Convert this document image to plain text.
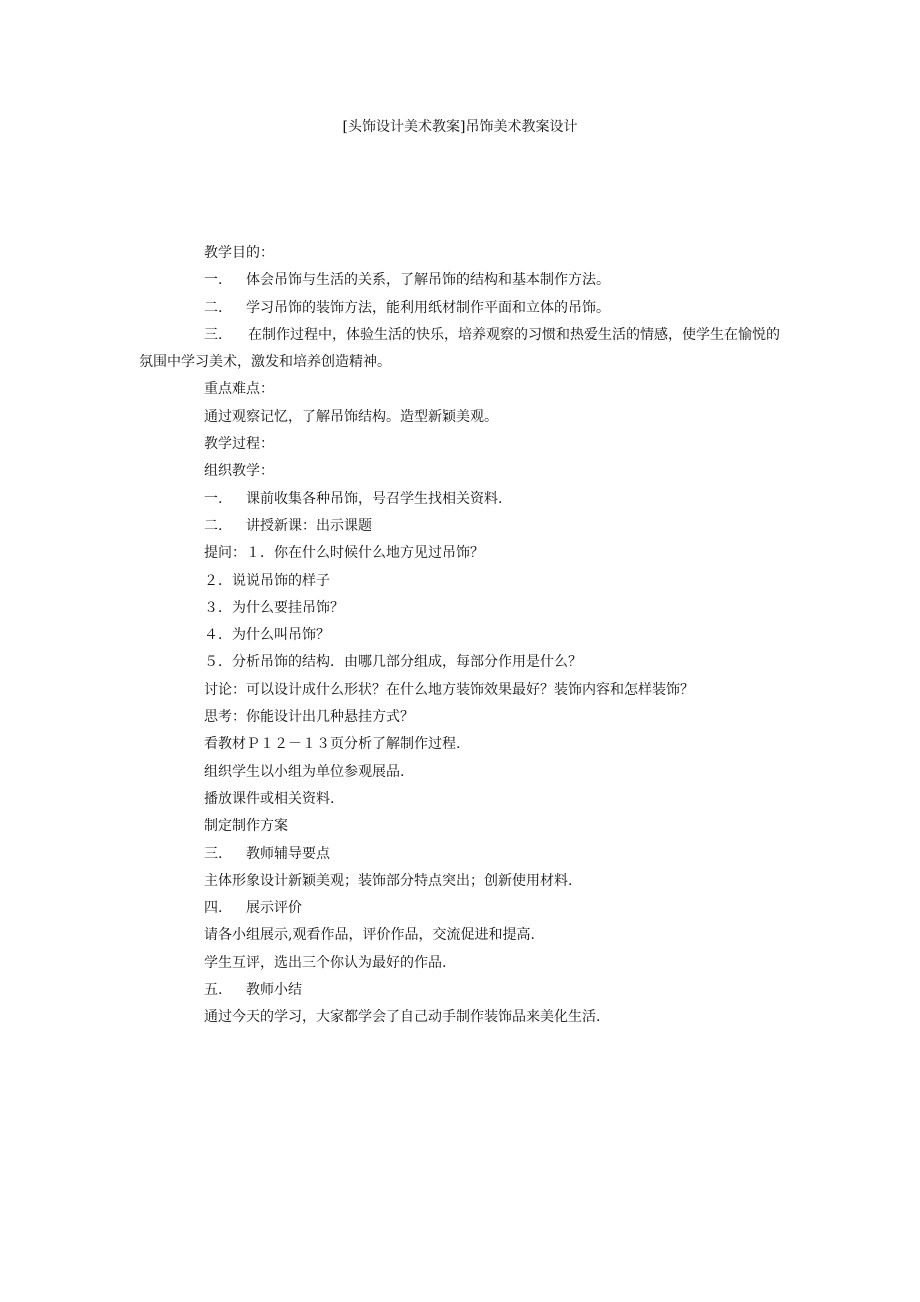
[头饰设计美术教案]吊饰美术教案设计
教学目的：
一. 体会吊饰与生活的关系，了解吊饰的结构和基本制作方法。
二. 学习吊饰的装饰方法，能利用纸材制作平面和立体的吊饰。
三. 在制作过程中，体验生活的快乐，培养观察的习惯和热爱生活的情感，使学生在愉悦的氛围中学习美术，激发和培养创造精神。
重点难点：
通过观察记忆，了解吊饰结构。造型新颖美观。
教学过程：
组织教学：
一. 课前收集各种吊饰，号召学生找相关资料.
二. 讲授新课：出示课题
提问：１．你在什么时候什么地方见过吊饰？
２．说说吊饰的样子
３．为什么要挂吊饰？
４．为什么叫吊饰？
５．分析吊饰的结构．由哪几部分组成，每部分作用是什么？
讨论：可以设计成什么形状？在什么地方装饰效果最好？装饰内容和怎样装饰？
思考：你能设计出几种悬挂方式？
看教材Ｐ１２－１３页分析了解制作过程.
组织学生以小组为单位参观展品.
播放课件或相关资料.
制定制作方案
三. 教师辅导要点
主体形象设计新颖美观；装饰部分特点突出；创新使用材料.
四. 展示评价
请各小组展示,观看作品，评价作品，交流促进和提高.
学生互评，选出三个你认为最好的作品.
五. 教师小结
通过今天的学习，大家都学会了自己动手制作装饰品来美化生活.
